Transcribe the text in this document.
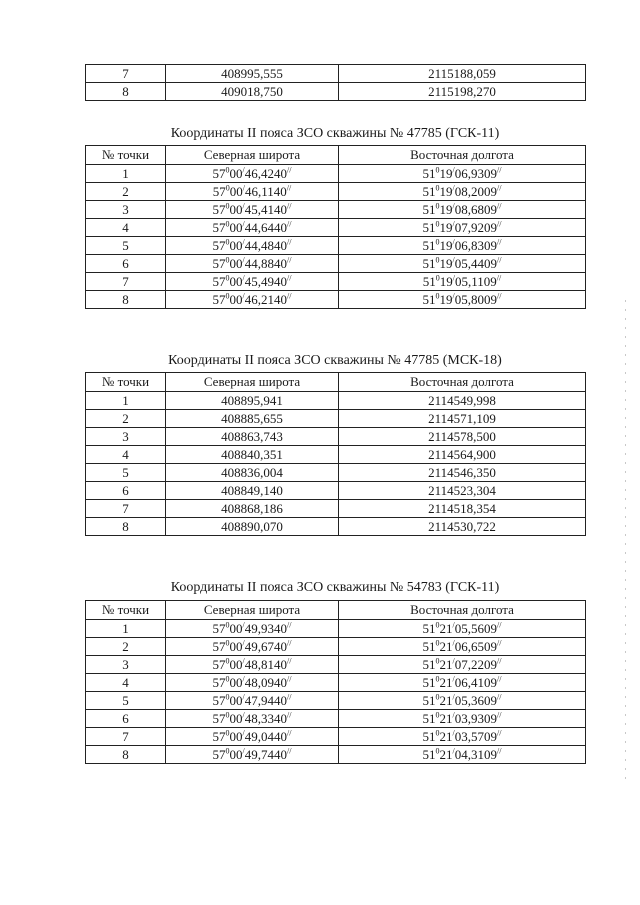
7	408995,555	2115188,059
8	409018,750	2115198,270
Координаты II пояса ЗСО скважины № 47785 (ГСК-11)
№ точки	Северная широта	Восточная долгота
1	$57^000^/46,4240^{//}$	$51^019^/06,9309^{//}$
2	$57^000^/46,1140^{//}$	$51^019^/08,2009^{//}$
3	$57^000^/45,4140^{//}$	$51^019^/08,6809^{//}$
4	$57^000^/44,6440^{//}$	$51^019^/07,9209^{//}$
5	$57^000^/44,4840^{//}$	$51^019^/06,8309^{//}$
6	$57^000^/44,8840^{//}$	$51^019^/05,4409^{//}$
7	$57^000^/45,4940^{//}$	$51^019^/05,1109^{//}$
8	$57^000^/46,2140^{//}$	$51^019^/05,8009^{//}$
Координаты II пояса ЗСО скважины № 47785 (МСК-18)
№ точки	Северная широта	Восточная долгота
1	408895,941	2114549,998
2	408885,655	2114571,109
3	408863,743	2114578,500
4	408840,351	2114564,900
5	408836,004	2114546,350
6	408849,140	2114523,304
7	408868,186	2114518,354
8	408890,070	2114530,722
Координаты II пояса ЗСО скважины № 54783 (ГСК-11)
№ точки	Северная широта	Восточная долгота
1	$57^000^/49,9340^{//}$	$51^021^/05,5609^{//}$
2	$57^000^/49,6740^{//}$	$51^021^/06,6509^{//}$
3	$57^000^/48,8140^{//}$	$51^021^/07,2209^{//}$
4	$57^000^/48,0940^{//}$	$51^021^/06,4109^{//}$
5	$57^000^/47,9440^{//}$	$51^021^/05,3609^{//}$
6	$57^000^/48,3340^{//}$	$51^021^/03,9309^{//}$
7	$57^000^/49,0440^{//}$	$51^021^/03,5709^{//}$
8	$57^000^/49,7440^{//}$	$51^021^/04,3109^{//}$
